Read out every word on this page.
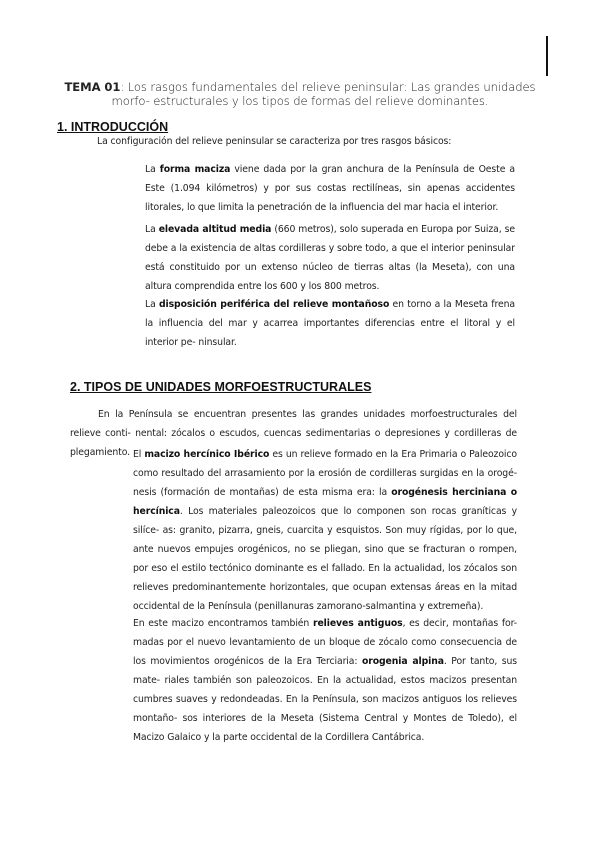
TEMA 01: Los rasgos fundamentales del relieve peninsular: Las grandes unidades morfo- estructurales y los tipos de formas del relieve dominantes.
1. INTRODUCCIÓN
La configuración del relieve peninsular se caracteriza por tres rasgos básicos:
La forma maciza viene dada por la gran anchura de la Península de Oeste a Este (1.094 kilómetros) y por sus costas rectilíneas, sin apenas accidentes litorales, lo que limita la penetración de la influencia del mar hacia el interior.
La elevada altitud media (660 metros), solo superada en Europa por Suiza, se debe a la existencia de altas cordilleras y sobre todo, a que el interior peninsular está constituido por un extenso núcleo de tierras altas (la Meseta), con una altura comprendida entre los 600 y los 800 metros.
La disposición periférica del relieve montañoso en torno a la Meseta frena la influencia del mar y acarrea importantes diferencias entre el litoral y el interior pe- ninsular.
2. TIPOS DE UNIDADES MORFOESTRUCTURALES
En la Península se encuentran presentes las grandes unidades morfoestructurales del relieve conti- nental: zócalos o escudos, cuencas sedimentarias o depresiones y cordilleras de plegamiento. El macizo hercínico Ibérico es un relieve formado en la Era Primaria o Paleozoico como resultado del arrasamiento por la erosión de cordilleras surgidas en la orogé- nesis (formación de montañas) de esta misma era: la orogénesis herciniana o hercínica. Los materiales paleozoicos que lo componen son rocas graníticas y silíce- as: granito, pizarra, gneis, cuarcita y esquistos. Son muy rígidas, por lo que, ante nuevos empujes orogénicos, no se pliegan, sino que se fracturan o rompen, por eso el estilo tectónico dominante es el fallado. En la actualidad, los zócalos son relieves predominantemente horizontales, que ocupan extensas áreas en la mitad occidental de la Península (penillanuras zamorano-salmantina y extremeña).
En este macizo encontramos también relieves antiguos, es decir, montañas for- madas por el nuevo levantamiento de un bloque de zócalo como consecuencia de los movimientos orogénicos de la Era Terciaria: orogenia alpina. Por tanto, sus mate- riales también son paleozoicos. En la actualidad, estos macizos presentan cumbres suaves y redondeadas. En la Península, son macizos antiguos los relieves montaño- sos interiores de la Meseta (Sistema Central y Montes de Toledo), el Macizo Galaico y la parte occidental de la Cordillera Cantábrica.
